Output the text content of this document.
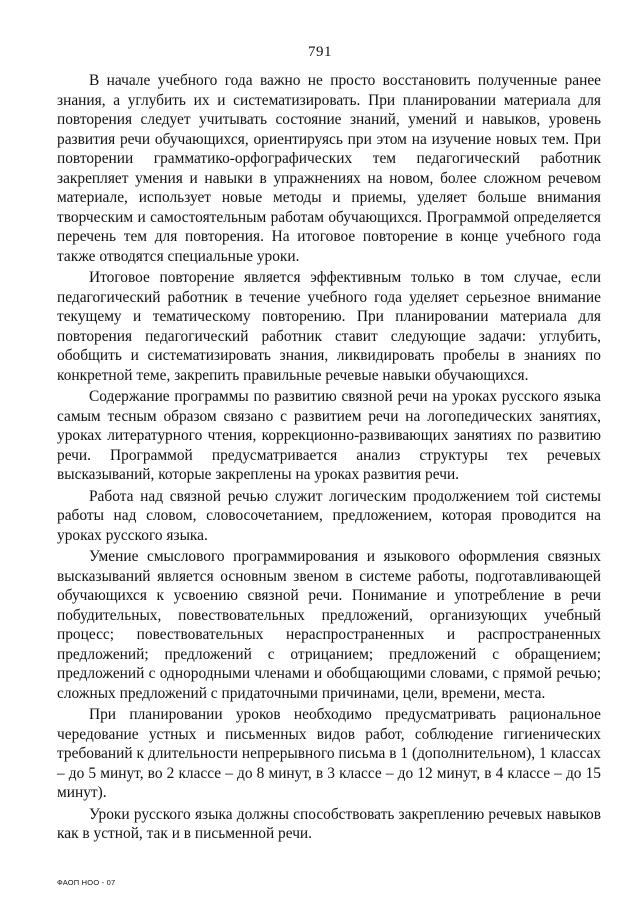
791

В начале учебного года важно не просто восстановить полученные ранее знания, а углубить их и систематизировать. При планировании материала для повторения следует учитывать состояние знаний, умений и навыков, уровень развития речи обучающихся, ориентируясь при этом на изучение новых тем. При повторении грамматико-орфографических тем педагогический работник закрепляет умения и навыки в упражнениях на новом, более сложном речевом материале, использует новые методы и приемы, уделяет больше внимания творческим и самостоятельным работам обучающихся. Программой определяется перечень тем для повторения. На итоговое повторение в конце учебного года также отводятся специальные уроки.

Итоговое повторение является эффективным только в том случае, если педагогический работник в течение учебного года уделяет серьезное внимание текущему и тематическому повторению. При планировании материала для повторения педагогический работник ставит следующие задачи: углубить, обобщить и систематизировать знания, ликвидировать пробелы в знаниях по конкретной теме, закрепить правильные речевые навыки обучающихся.

Содержание программы по развитию связной речи на уроках русского языка самым тесным образом связано с развитием речи на логопедических занятиях, уроках литературного чтения, коррекционно-развивающих занятиях по развитию речи. Программой предусматривается анализ структуры тех речевых высказываний, которые закреплены на уроках развития речи.

Работа над связной речью служит логическим продолжением той системы работы над словом, словосочетанием, предложением, которая проводится на уроках русского языка.

Умение смыслового программирования и языкового оформления связных высказываний является основным звеном в системе работы, подготавливающей обучающихся к усвоению связной речи. Понимание и употребление в речи побудительных, повествовательных предложений, организующих учебный процесс; повествовательных нераспространенных и распространенных предложений; предложений с отрицанием; предложений с обращением; предложений с однородными членами и обобщающими словами, с прямой речью; сложных предложений с придаточными причинами, цели, времени, места.

При планировании уроков необходимо предусматривать рациональное чередование устных и письменных видов работ, соблюдение гигиенических требований к длительности непрерывного письма в 1 (дополнительном), 1 классах – до 5 минут, во 2 классе – до 8 минут, в 3 классе – до 12 минут, в 4 классе – до 15 минут).

Уроки русского языка должны способствовать закреплению речевых навыков как в устной, так и в письменной речи.

ФАОП НОО - 07
